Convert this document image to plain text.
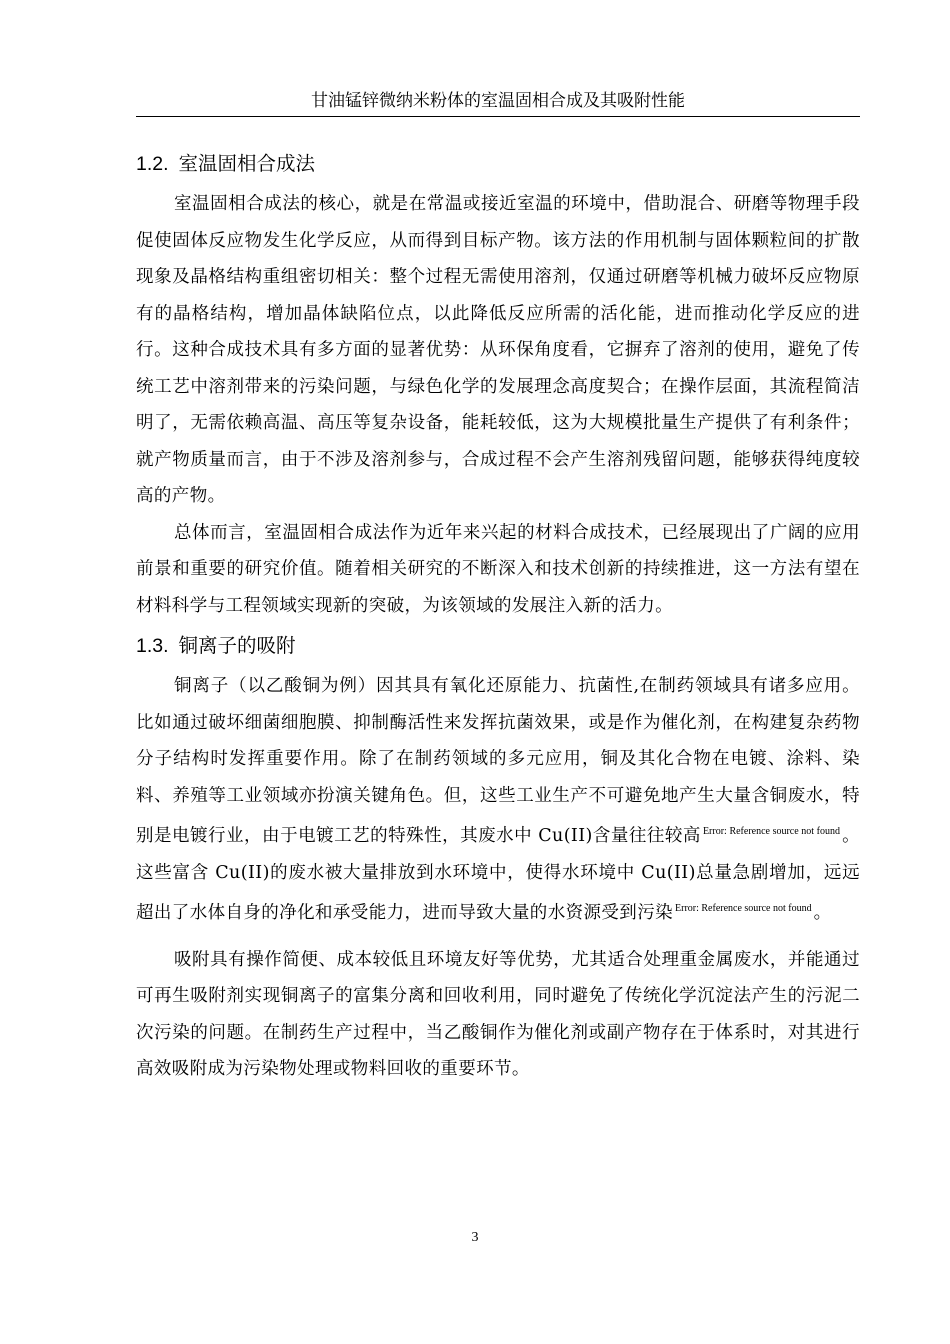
甘油锰锌微纳米粉体的室温固相合成及其吸附性能
1.2. 室温固相合成法

室温固相合成法的核心，就是在常温或接近室温的环境中，借助混合、研磨等物理手段促使固体反应物发生化学反应，从而得到目标产物。该方法的作用机制与固体颗粒间的扩散现象及晶格结构重组密切相关：整个过程无需使用溶剂，仅通过研磨等机械力破坏反应物原有的晶格结构，增加晶体缺陷位点，以此降低反应所需的活化能，进而推动化学反应的进行。这种合成技术具有多方面的显著优势：从环保角度看，它摒弃了溶剂的使用，避免了传统工艺中溶剂带来的污染问题，与绿色化学的发展理念高度契合；在操作层面，其流程简洁明了，无需依赖高温、高压等复杂设备，能耗较低，这为大规模批量生产提供了有利条件；就产物质量而言，由于不涉及溶剂参与，合成过程不会产生溶剂残留问题，能够获得纯度较高的产物。

总体而言，室温固相合成法作为近年来兴起的材料合成技术，已经展现出了广阔的应用前景和重要的研究价值。随着相关研究的不断深入和技术创新的持续推进，这一方法有望在材料科学与工程领域实现新的突破，为该领域的发展注入新的活力。

1.3. 铜离子的吸附

铜离子（以乙酸铜为例）因其具有氧化还原能力、抗菌性,在制药领域具有诸多应用。比如通过破坏细菌细胞膜、抑制酶活性来发挥抗菌效果，或是作为催化剂，在构建复杂药物分子结构时发挥重要作用。除了在制药领域的多元应用，铜及其化合物在电镀、涂料、染料、养殖等工业领域亦扮演关键角色。但，这些工业生产不可避免地产生大量含铜废水，特别是电镀行业，由于电镀工艺的特殊性，其废水中 Cu(II)含量往往较高 $^{Error: Reference source not found}$ 。这些富含 Cu(II)的废水被大量排放到水环境中，使得水环境中 Cu(II)总量急剧增加，远远超出了水体自身的净化和承受能力，进而导致大量的水资源受到污染 $^{Error: Reference source not found}$ 。

吸附具有操作简便、成本较低且环境友好等优势，尤其适合处理重金属废水，并能通过可再生吸附剂实现铜离子的富集分离和回收利用，同时避免了传统化学沉淀法产生的污泥二次污染的问题。在制药生产过程中，当乙酸铜作为催化剂或副产物存在于体系时，对其进行高效吸附成为污染物处理或物料回收的重要环节。

3
